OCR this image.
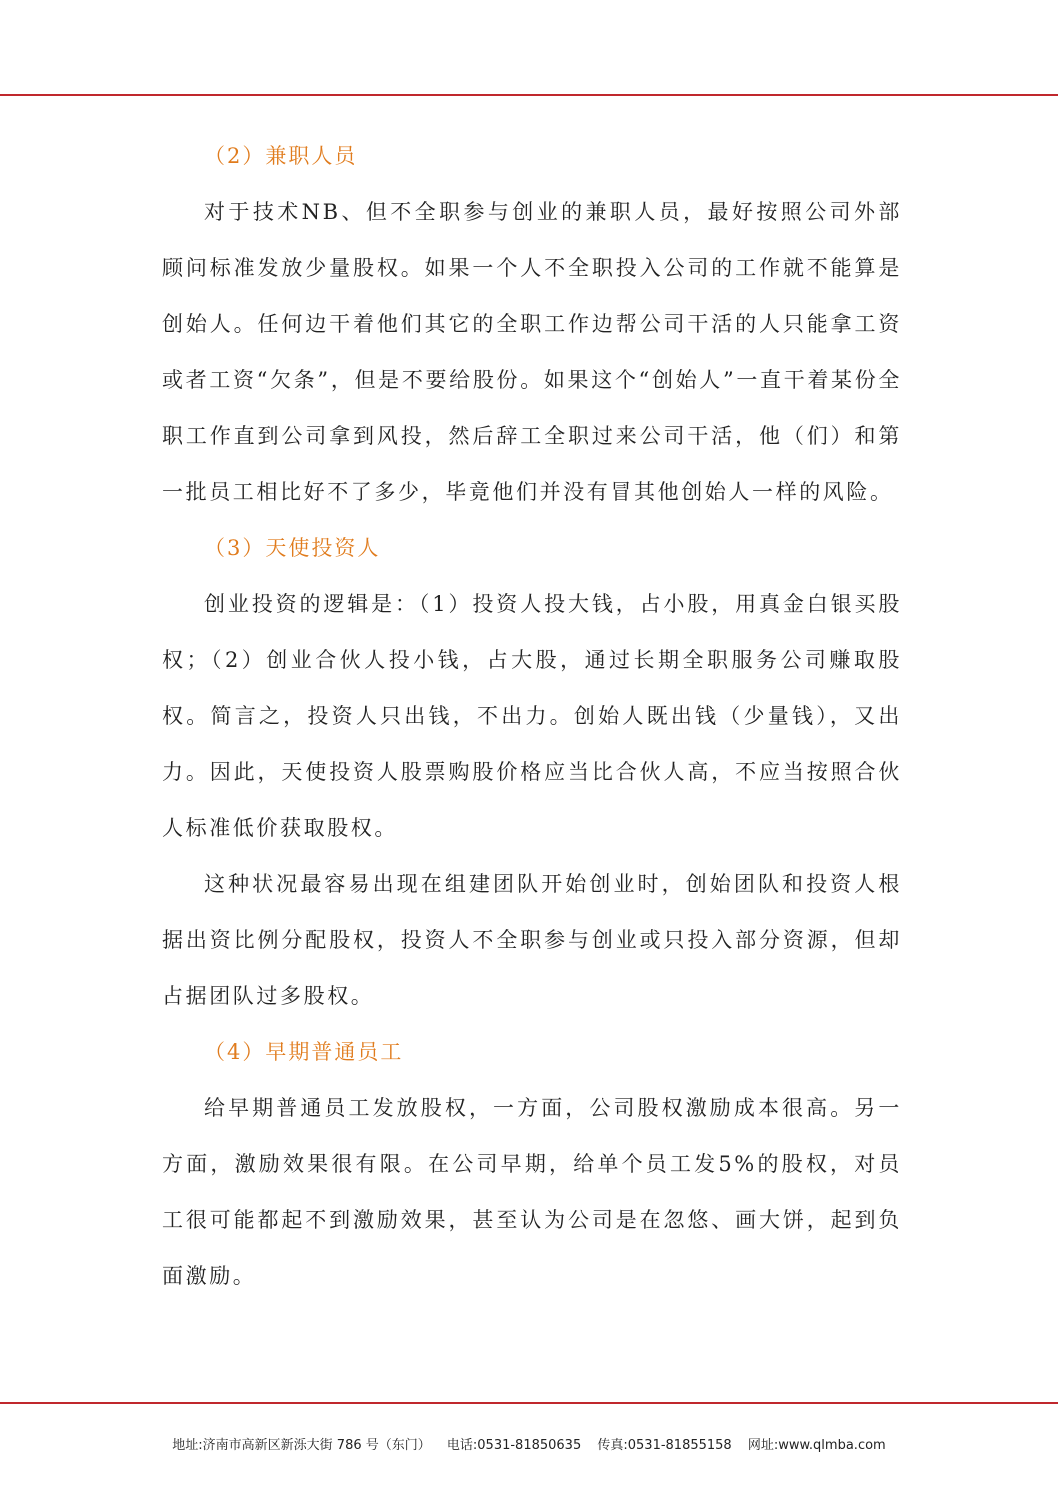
（2）兼职人员

对于技术NB、但不全职参与创业的兼职人员，最好按照公司外部顾问标准发放少量股权。如果一个人不全职投入公司的工作就不能算是创始人。任何边干着他们其它的全职工作边帮公司干活的人只能拿工资或者工资“欠条”，但是不要给股份。如果这个“创始人”一直干着某份全职工作直到公司拿到风投，然后辞工全职过来公司干活，他（们）和第一批员工相比好不了多少，毕竟他们并没有冒其他创始人一样的风险。

（3）天使投资人

创业投资的逻辑是：（1）投资人投大钱，占小股，用真金白银买股权；（2）创业合伙人投小钱，占大股，通过长期全职服务公司赚取股权。简言之，投资人只出钱，不出力。创始人既出钱（少量钱），又出力。因此，天使投资人股票购股价格应当比合伙人高，不应当按照合伙人标准低价获取股权。

这种状况最容易出现在组建团队开始创业时，创始团队和投资人根据出资比例分配股权，投资人不全职参与创业或只投入部分资源，但却占据团队过多股权。

（4）早期普通员工

给早期普通员工发放股权，一方面，公司股权激励成本很高。另一方面，激励效果很有限。在公司早期，给单个员工发5%的股权，对员工很可能都起不到激励效果，甚至认为公司是在忽悠、画大饼，起到负面激励。

地址:济南市高新区新泺大街 786 号（东门） 电话:0531-81850635 传真:0531-81855158 网址:www.qlmba.com
